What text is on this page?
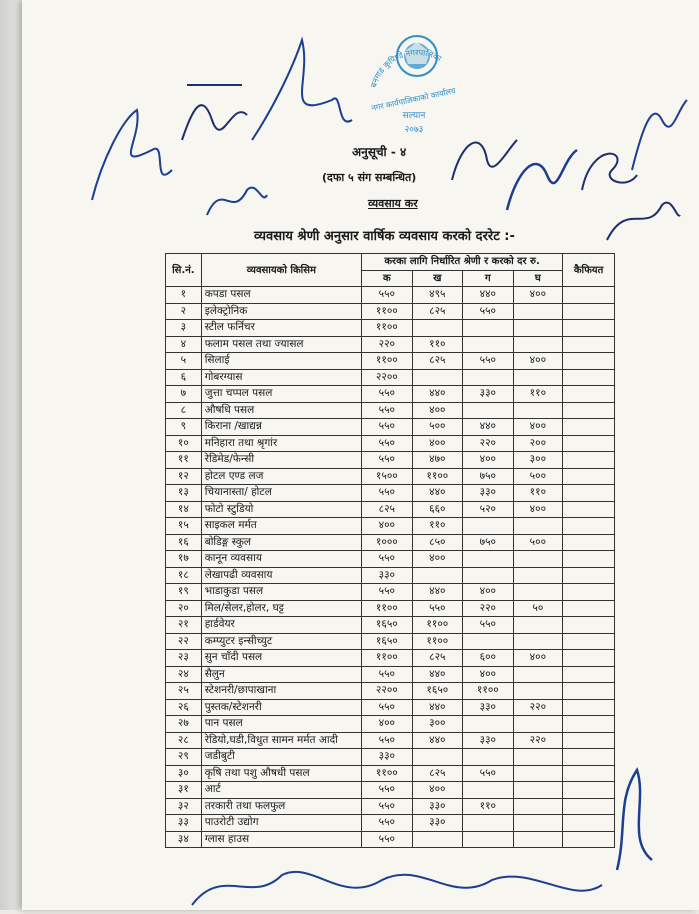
बनगाड कुपिण्डे नगरपालिका
नगर कार्यपालिकाको कार्यालय
सल्यान
२०७३
अनुसूची - ४
(दफा ५ संग सम्बन्धित)
व्यवसाय कर
व्यवसाय श्रेणी अनुसार वार्षिक व्यवसाय करको दररेट :-
सि.नं.	व्यवसायको किसिम	करका लागि निर्धारित श्रेणी र करको दर रु.				कैफियत
		क	ख	ग	घ	
१	कपडा पसल	५५०	४९५	४४०	४००	
२	इलेक्ट्रोनिक	११००	८२५	५५०		
३	स्टील फर्निचर	११००				
४	फलाम पसल तथा ज्यासल	२२०	११०			
५	सिलाई	११००	८२५	५५०	४००	
६	गोबरग्यास	२२००				
७	जुत्ता चप्पल पसल	५५०	४४०	३३०	११०	
८	औषधि पसल	५५०	४००			
९	किराना /खाद्यन्न	५५०	५००	४४०	४००	
१०	मनिहारा तथा श्रृगांर	५५०	४००	२२०	२००	
११	रेडिमेड/फेन्सी	५५०	४७०	४००	३००	
१२	होटल एण्ड लज	१५००	११००	७५०	५००	
१३	चियानास्ता/ होटल	५५०	४४०	३३०	११०	
१४	फोटो स्टुडियो	८२५	६६०	५२०	४००	
१५	साइकल मर्मत	४००	११०			
१६	बोडिङ्ग स्कुल	१०००	८५०	७५०	५००	
१७	कानून व्यवसाय	५५०	४००			
१८	लेखापढी व्यवसाय	३३०				
१९	भाडाकुडा पसल	५५०	४४०	४००		
२०	मिल/सेलर,होलर, घट्ट	११००	५५०	२२०	५०	
२१	हार्डवेयर	१६५०	११००	५५०		
२२	कम्प्युटर इन्सीच्युट	१६५०	११००			
२३	सुन चाँदी पसल	११००	८२५	६००	४००	
२४	सैलुन	५५०	४४०	४००		
२५	स्टेशनरी/छापाखाना	२२००	१६५०	११००		
२६	पुस्तक/स्टेशनरी	५५०	४४०	३३०	२२०	
२७	पान पसल	४००	३००			
२८	रेडियो,घडी,विधुत सामन मर्मत आदी	५५०	४४०	३३०	२२०	
२९	जडीबुटी	३३०				
३०	कृषि तथा पशु औषधी पसल	११००	८२५	५५०		
३१	आर्ट	५५०	४००			
३२	तरकारी तथा फलफुल	५५०	३३०	११०		
३३	पाउरोटी उद्योग	५५०	३३०			
३४	ग्लास हाउस	५५०				
